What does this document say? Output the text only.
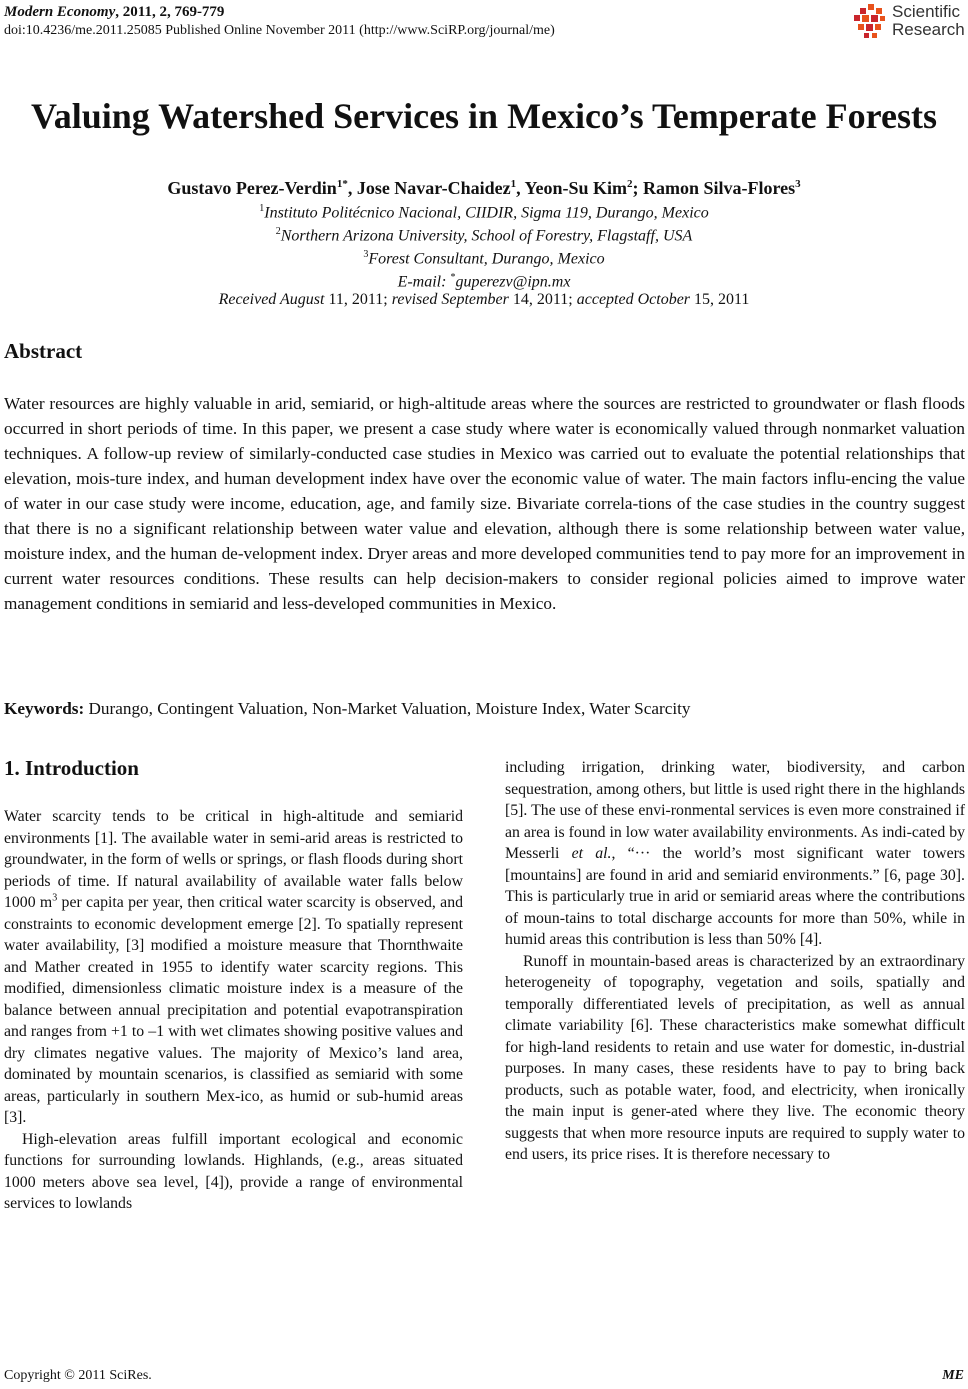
Modern Economy, 2011, 2, 769-779
doi:10.4236/me.2011.25085 Published Online November 2011 (http://www.SciRP.org/journal/me)
Scientific
Research
Valuing Watershed Services in Mexico’s Temperate Forests
Gustavo Perez-Verdin$^{1*}$, Jose Navar-Chaidez$^1$, Yeon-Su Kim$^2$; Ramon Silva-Flores$^3$
$^1$Instituto Politécnico Nacional, CIIDIR, Sigma 119, Durango, Mexico
$^2$Northern Arizona University, School of Forestry, Flagstaff, USA
$^3$Forest Consultant, Durango, Mexico
E-mail: *guperezv@ipn.mx
Received August 11, 2011; revised September 14, 2011; accepted October 15, 2011
Abstract

Water resources are highly valuable in arid, semiarid, or high-altitude areas where the sources are restricted to groundwater or flash floods occurred in short periods of time. In this paper, we present a case study where water is economically valued through nonmarket valuation techniques. A follow-up review of similarly-conducted case studies in Mexico was carried out to evaluate the potential relationships that elevation, mois-ture index, and human development index have over the economic value of water. The main factors influ-encing the value of water in our case study were income, education, age, and family size. Bivariate correla-tions of the case studies in the country suggest that there is no a significant relationship between water value and elevation, although there is some relationship between water value, moisture index, and the human de-velopment index. Dryer areas and more developed communities tend to pay more for an improvement in current water resources conditions. These results can help decision-makers to consider regional policies aimed to improve water management conditions in semiarid and less-developed communities in Mexico.

Keywords: Durango, Contingent Valuation, Non-Market Valuation, Moisture Index, Water Scarcity

1. Introduction

Water scarcity tends to be critical in high-altitude and semiarid environments [1]. The available water in semi-arid areas is restricted to groundwater, in the form of wells or springs, or flash floods during short periods of time. If natural availability of available water falls below 1000 $m^3$ per capita per year, then critical water scarcity is observed, and constraints to economic development emerge [2]. To spatially represent water availability, [3] modified a moisture measure that Thornthwaite and Mather created in 1955 to identify water scarcity regions. This modified, dimensionless climatic moisture index is a measure of the balance between annual precipitation and potential evapotranspiration and ranges from +1 to –1 with wet climates showing positive values and dry climates negative values. The majority of Mexico’s land area, dominated by mountain scenarios, is classified as semiarid with some areas, particularly in southern Mex-ico, as humid or sub-humid areas [3].

High-elevation areas fulfill important ecological and economic functions for surrounding lowlands. Highlands, (e.g., areas situated 1000 meters above sea level, [4]), provide a range of environmental services to lowlands

including irrigation, drinking water, biodiversity, and carbon sequestration, among others, but little is used right there in the highlands [5]. The use of these envi-ronmental services is even more constrained if an area is found in low water availability environments. As indi-cated by Messerli et al., “··· the world’s most significant water towers [mountains] are found in arid and semiarid environments.” [6, page 30]. This is particularly true in arid or semiarid areas where the contributions of moun-tains to total discharge accounts for more than 50%, while in humid areas this contribution is less than 50% [4].

Runoff in mountain-based areas is characterized by an extraordinary heterogeneity of topography, vegetation and soils, spatially and temporally differentiated levels of precipitation, as well as annual climate variability [6]. These characteristics make somewhat difficult for high-land residents to retain and use water for domestic, in-dustrial purposes. In many cases, these residents have to pay to bring back products, such as potable water, food, and electricity, when ironically the main input is gener-ated where they live. The economic theory suggests that when more resource inputs are required to supply water to end users, its price rises. It is therefore necessary to

Copyright © 2011 SciRes.	ME
